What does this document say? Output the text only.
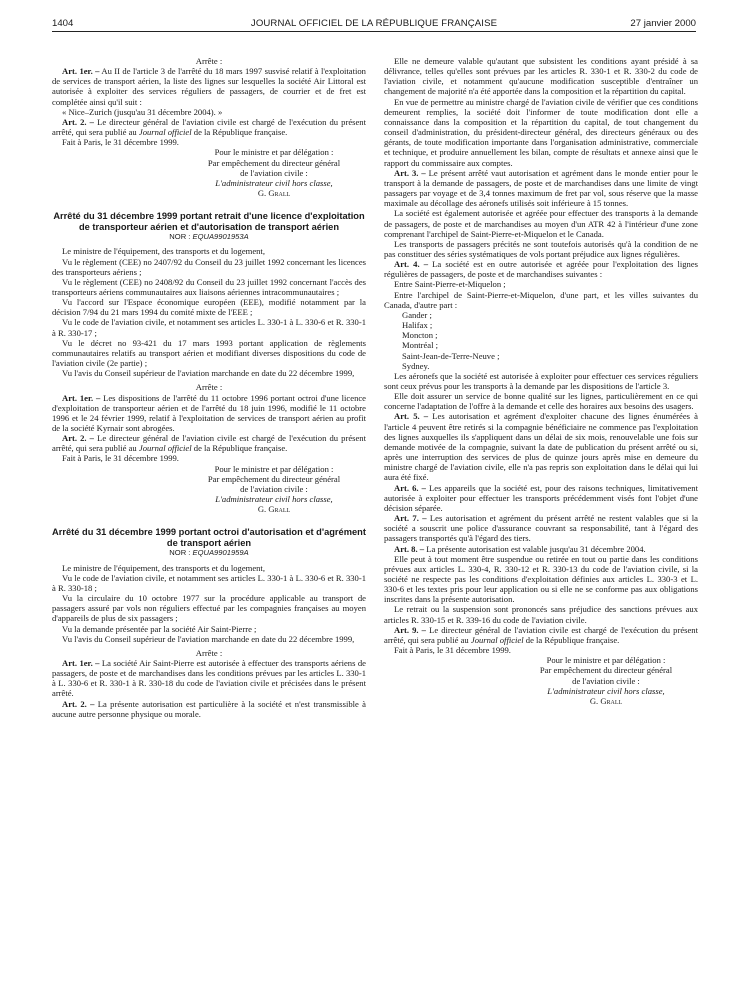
1404	JOURNAL OFFICIEL DE LA RÉPUBLIQUE FRANÇAISE	27 janvier 2000

Arrête :

Art. 1er. – Au II de l'article 3 de l'arrêté du 18 mars 1997 susvisé relatif à l'exploitation de services de transport aérien, la liste des lignes sur lesquelles la société Air Littoral est autorisée à exploiter des services réguliers de passagers, de courrier et de fret est complétée ainsi qu'il suit :

« Nice–Zurich (jusqu'au 31 décembre 2004). »

Art. 2. – Le directeur général de l'aviation civile est chargé de l'exécution du présent arrêté, qui sera publié au Journal officiel de la République française.

Fait à Paris, le 31 décembre 1999.

Pour le ministre et par délégation :

Par empêchement du directeur général

de l'aviation civile :

L'administrateur civil hors classe,

G. Grall

Arrêté du 31 décembre 1999 portant retrait d'une licence d'exploitation de transporteur aérien et d'autorisation de transport aérien

NOR : EQUA9901953A

Le ministre de l'équipement, des transports et du logement,

Vu le règlement (CEE) no 2407/92 du Conseil du 23 juillet 1992 concernant les licences des transporteurs aériens ;

Vu le règlement (CEE) no 2408/92 du Conseil du 23 juillet 1992 concernant l'accès des transporteurs aériens communautaires aux liaisons aériennes intracommunautaires ;

Vu l'accord sur l'Espace économique européen (EEE), modifié notamment par la décision 7/94 du 21 mars 1994 du comité mixte de l'EEE ;

Vu le code de l'aviation civile, et notamment ses articles L. 330-1 à L. 330-6 et R. 330-1 à R. 330-17 ;

Vu le décret no 93-421 du 17 mars 1993 portant application de règlements communautaires relatifs au transport aérien et modifiant diverses dispositions du code de l'aviation civile (2e partie) ;

Vu l'avis du Conseil supérieur de l'aviation marchande en date du 22 décembre 1999,

Arrête :

Art. 1er. – Les dispositions de l'arrêté du 11 octobre 1996 portant octroi d'une licence d'exploitation de transporteur aérien et de l'arrêté du 18 juin 1996, modifié le 11 octobre 1996 et le 24 février 1999, relatif à l'exploitation de services de transport aérien au profit de la société Kyrnair sont abrogées.

Art. 2. – Le directeur général de l'aviation civile est chargé de l'exécution du présent arrêté, qui sera publié au Journal officiel de la République française.

Fait à Paris, le 31 décembre 1999.

Pour le ministre et par délégation :

Par empêchement du directeur général

de l'aviation civile :

L'administrateur civil hors classe,

G. Grall

Arrêté du 31 décembre 1999 portant octroi d'autorisation et d'agrément de transport aérien

NOR : EQUA9901959A

Le ministre de l'équipement, des transports et du logement,

Vu le code de l'aviation civile, et notamment ses articles L. 330-1 à L. 330-6 et R. 330-1 à R. 330-18 ;

Vu la circulaire du 10 octobre 1977 sur la procédure applicable au transport de passagers assuré par vols non réguliers effectué par les compagnies françaises au moyen d'appareils de plus de six passagers ;

Vu la demande présentée par la société Air Saint-Pierre ;

Vu l'avis du Conseil supérieur de l'aviation marchande en date du 22 décembre 1999,

Arrête :

Art. 1er. – La société Air Saint-Pierre est autorisée à effectuer des transports aériens de passagers, de poste et de marchandises dans les conditions prévues par les articles L. 330-1 à L. 330-6 et R. 330-1 à R. 330-18 du code de l'aviation civile et précisées dans le présent arrêté.

Art. 2. – La présente autorisation est particulière à la société et n'est transmissible à aucune autre personne physique ou morale.

Elle ne demeure valable qu'autant que subsistent les conditions ayant présidé à sa délivrance, telles qu'elles sont prévues par les articles R. 330-1 et R. 330-2 du code de l'aviation civile, et notamment qu'aucune modification susceptible d'entraîner un changement de majorité n'a été apportée dans la composition et la répartition du capital.

En vue de permettre au ministre chargé de l'aviation civile de vérifier que ces conditions demeurent remplies, la société doit l'informer de toute modification dont elle a connaissance dans la composition et la répartition du capital, de tout changement du conseil d'administration, du président-directeur général, des directeurs généraux ou des gérants, de toute modification importante dans l'organisation administrative, commerciale et technique, et produire annuellement les bilan, compte de résultats et annexe ainsi que le rapport du commissaire aux comptes.

Art. 3. – Le présent arrêté vaut autorisation et agrément dans le monde entier pour le transport à la demande de passagers, de poste et de marchandises dans une limite de vingt passagers par voyage et de 3,4 tonnes maximum de fret par vol, sous réserve que la masse maximale au décollage des aéronefs utilisés soit inférieure à 15 tonnes.

La société est également autorisée et agréée pour effectuer des transports à la demande de passagers, de poste et de marchandises au moyen d'un ATR 42 à l'intérieur d'une zone comprenant l'archipel de Saint-Pierre-et-Miquelon et le Canada.

Les transports de passagers précités ne sont toutefois autorisés qu'à la condition de ne pas constituer des séries systématiques de vols portant préjudice aux lignes régulières.

Art. 4. – La société est en outre autorisée et agréée pour l'exploitation des lignes régulières de passagers, de poste et de marchandises suivantes :

Entre Saint-Pierre-et-Miquelon ;

Entre l'archipel de Saint-Pierre-et-Miquelon, d'une part, et les villes suivantes du Canada, d'autre part :

Gander ;

Halifax ;

Moncton ;

Montréal ;

Saint-Jean-de-Terre-Neuve ;

Sydney.

Les aéronefs que la société est autorisée à exploiter pour effectuer ces services réguliers sont ceux prévus pour les transports à la demande par les dispositions de l'article 3.

Elle doit assurer un service de bonne qualité sur les lignes, particulièrement en ce qui concerne l'adaptation de l'offre à la demande et celle des horaires aux besoins des usagers.

Art. 5. – Les autorisation et agrément d'exploiter chacune des lignes énumérées à l'article 4 peuvent être retirés si la compagnie bénéficiaire ne commence pas l'exploitation des lignes auxquelles ils s'appliquent dans un délai de six mois, renouvelable une fois sur demande motivée de la compagnie, suivant la date de publication du présent arrêté ou si, après une interruption des services de plus de quinze jours après mise en demeure du ministre chargé de l'aviation civile, elle n'a pas repris son exploitation dans le délai qui lui aura été fixé.

Art. 6. – Les appareils que la société est, pour des raisons techniques, limitativement autorisée à exploiter pour effectuer les transports précédemment visés font l'objet d'une décision séparée.

Art. 7. – Les autorisation et agrément du présent arrêté ne restent valables que si la société a souscrit une police d'assurance couvrant sa responsabilité, tant à l'égard des passagers transportés qu'à l'égard des tiers.

Art. 8. – La présente autorisation est valable jusqu'au 31 décembre 2004.

Elle peut à tout moment être suspendue ou retirée en tout ou partie dans les conditions prévues aux articles L. 330-4, R. 330-12 et R. 330-13 du code de l'aviation civile, si la société ne respecte pas les conditions d'exploitation définies aux articles L. 330-3 et L. 330-6 et les textes pris pour leur application ou si elle ne se conforme pas aux obligations inscrites dans la présente autorisation.

Le retrait ou la suspension sont prononcés sans préjudice des sanctions prévues aux articles R. 330-15 et R. 339-16 du code de l'aviation civile.

Art. 9. – Le directeur général de l'aviation civile est chargé de l'exécution du présent arrêté, qui sera publié au Journal officiel de la République française.

Fait à Paris, le 31 décembre 1999.

Pour le ministre et par délégation :

Par empêchement du directeur général

de l'aviation civile :

L'administrateur civil hors classe,

G. Grall
